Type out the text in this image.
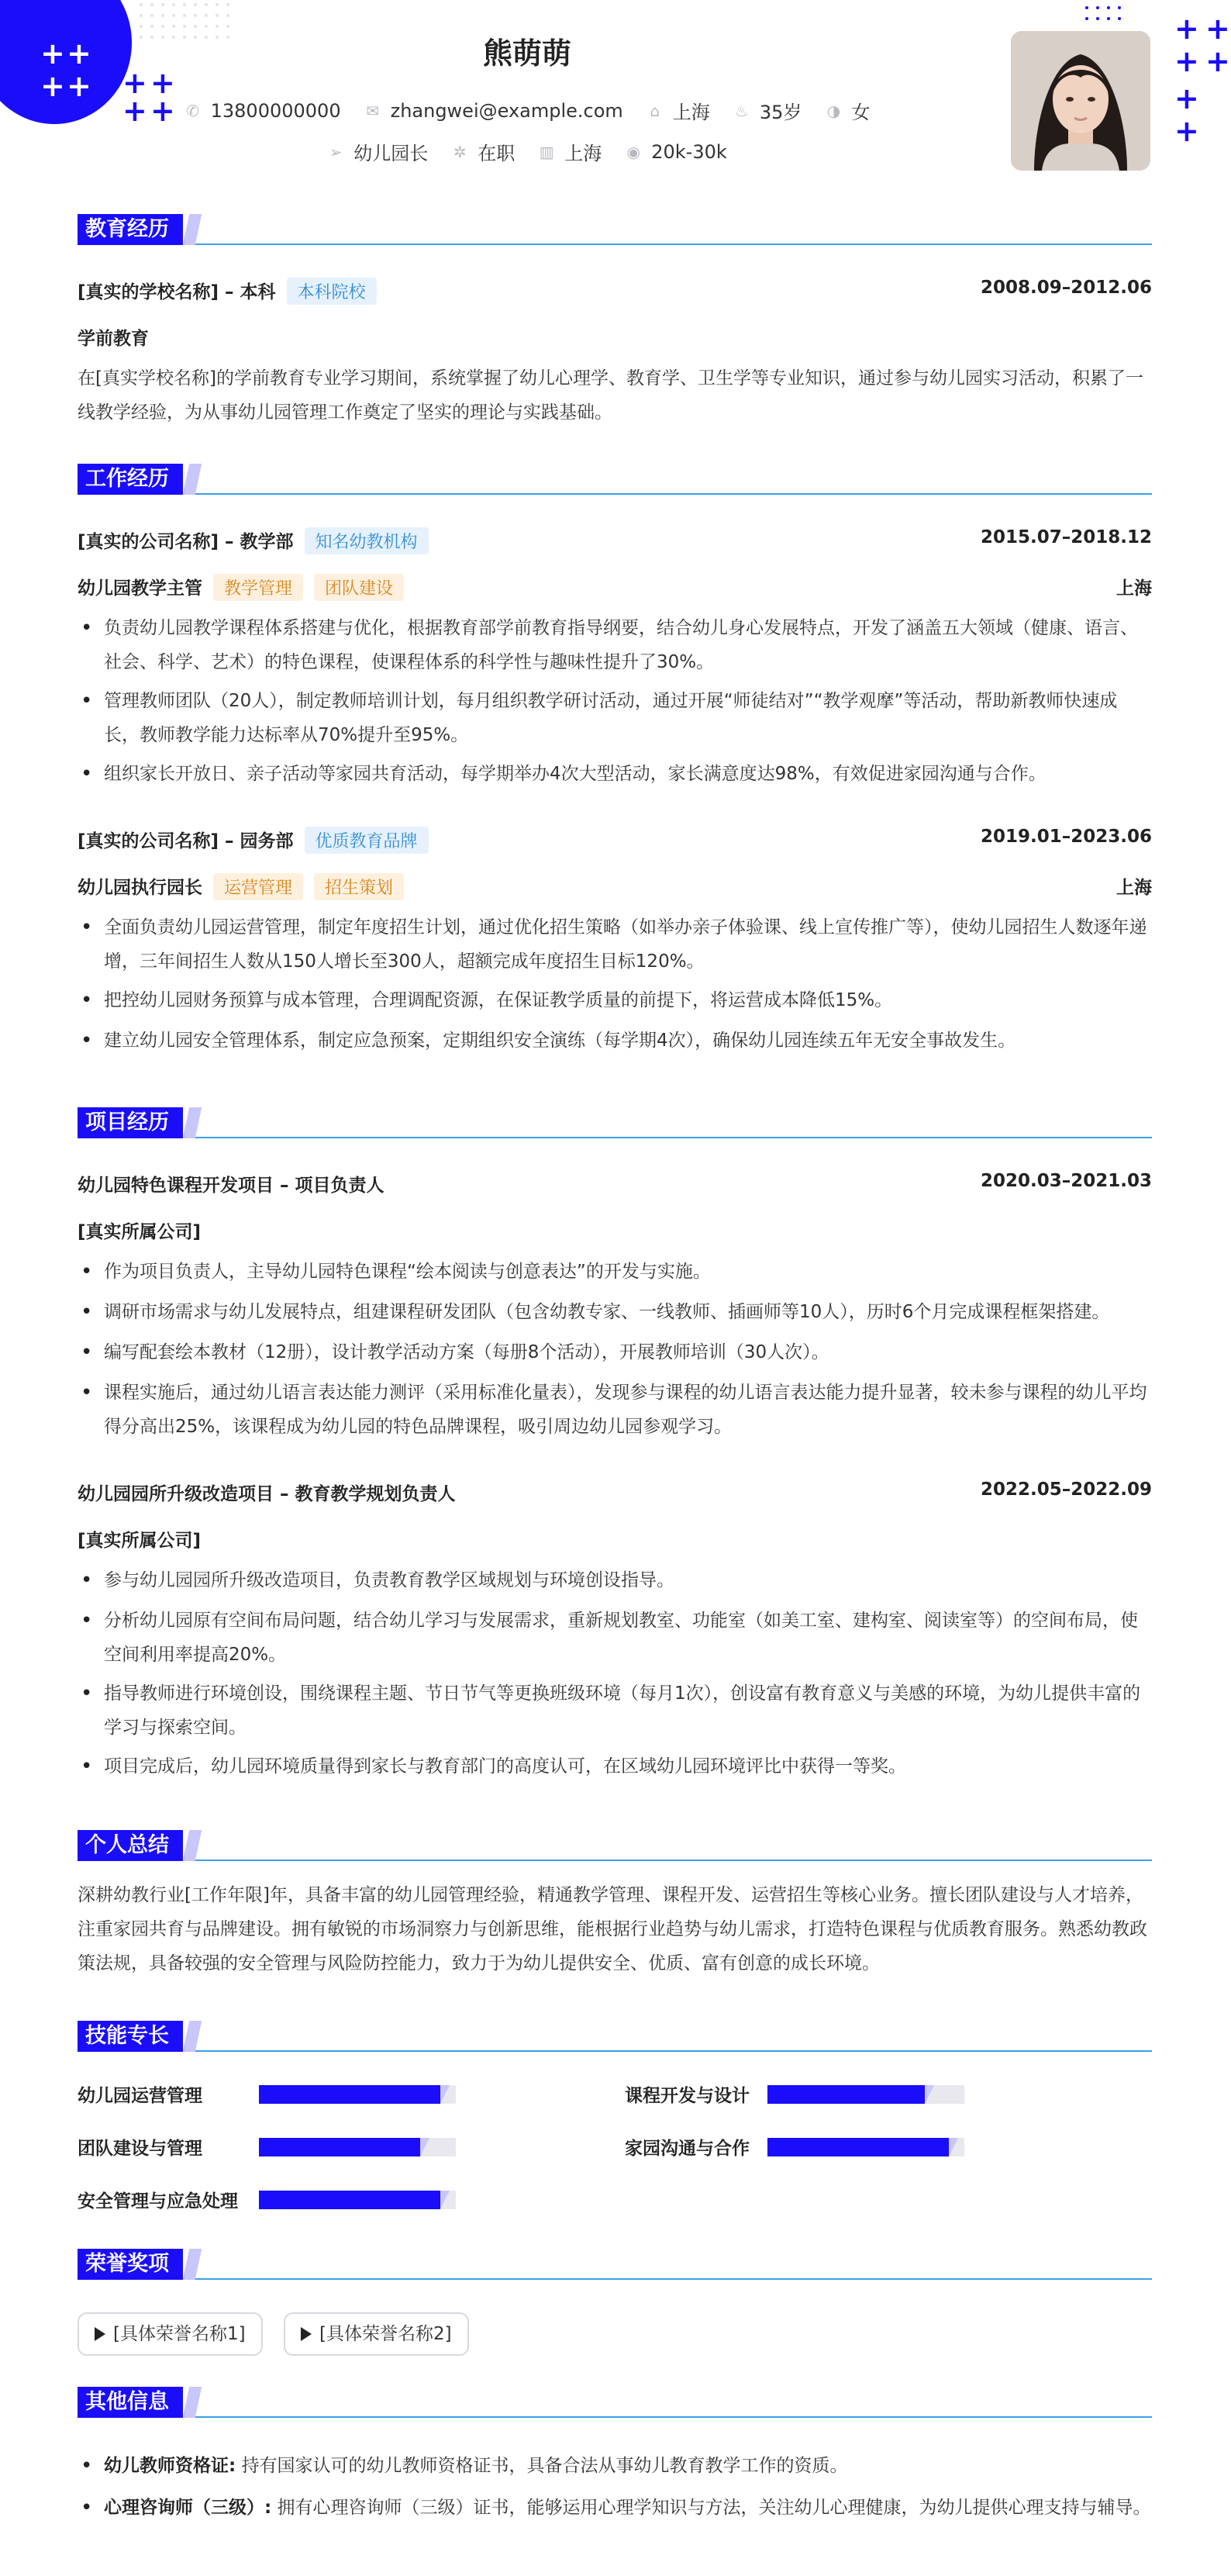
+ +
+ + + +
+ +
+ +
+ +
+
+
熊萌萌
✆ 13800000000 ✉ zhangwei@example.com ⌂ 上海 ♨ 35岁 ◑ 女
➢ 幼儿园长 ✲ 在职 ▥ 上海 ◉ 20k-30k
教育经历
[真实的学校名称] – 本科 本科院校	2008.09–2012.06
学前教育
在[真实学校名称]的学前教育专业学习期间，系统掌握了幼儿心理学、教育学、卫生学等专业知识，通过参与幼儿园实习活动，积累了一线教学经验，为从事幼儿园管理工作奠定了坚实的理论与实践基础。
工作经历
[真实的公司名称] – 教学部 知名幼教机构	2015.07–2018.12
幼儿园教学主管 教学管理 团队建设	上海
• 负责幼儿园教学课程体系搭建与优化，根据教育部学前教育指导纲要，结合幼儿身心发展特点，开发了涵盖五大领域（健康、语言、社会、科学、艺术）的特色课程，使课程体系的科学性与趣味性提升了30%。
• 管理教师团队（20人），制定教师培训计划，每月组织教学研讨活动，通过开展“师徒结对”“教学观摩”等活动，帮助新教师快速成长，教师教学能力达标率从70%提升至95%。
• 组织家长开放日、亲子活动等家园共育活动，每学期举办4次大型活动，家长满意度达98%，有效促进家园沟通与合作。
[真实的公司名称] – 园务部 优质教育品牌	2019.01–2023.06
幼儿园执行园长 运营管理 招生策划	上海
• 全面负责幼儿园运营管理，制定年度招生计划，通过优化招生策略（如举办亲子体验课、线上宣传推广等），使幼儿园招生人数逐年递增，三年间招生人数从150人增长至300人，超额完成年度招生目标120%。
• 把控幼儿园财务预算与成本管理，合理调配资源，在保证教学质量的前提下，将运营成本降低15%。
• 建立幼儿园安全管理体系，制定应急预案，定期组织安全演练（每学期4次），确保幼儿园连续五年无安全事故发生。
项目经历
幼儿园特色课程开发项目 – 项目负责人	2020.03–2021.03
[真实所属公司]
• 作为项目负责人，主导幼儿园特色课程“绘本阅读与创意表达”的开发与实施。
• 调研市场需求与幼儿发展特点，组建课程研发团队（包含幼教专家、一线教师、插画师等10人），历时6个月完成课程框架搭建。
• 编写配套绘本教材（12册），设计教学活动方案（每册8个活动），开展教师培训（30人次）。
• 课程实施后，通过幼儿语言表达能力测评（采用标准化量表），发现参与课程的幼儿语言表达能力提升显著，较未参与课程的幼儿平均得分高出25%，该课程成为幼儿园的特色品牌课程，吸引周边幼儿园参观学习。
幼儿园园所升级改造项目 – 教育教学规划负责人	2022.05–2022.09
[真实所属公司]
• 参与幼儿园园所升级改造项目，负责教育教学区域规划与环境创设指导。
• 分析幼儿园原有空间布局问题，结合幼儿学习与发展需求，重新规划教室、功能室（如美工室、建构室、阅读室等）的空间布局，使空间利用率提高20%。
• 指导教师进行环境创设，围绕课程主题、节日节气等更换班级环境（每月1次），创设富有教育意义与美感的环境，为幼儿提供丰富的学习与探索空间。
• 项目完成后，幼儿园环境质量得到家长与教育部门的高度认可，在区域幼儿园环境评比中获得一等奖。
个人总结
深耕幼教行业[工作年限]年，具备丰富的幼儿园管理经验，精通教学管理、课程开发、运营招生等核心业务。擅长团队建设与人才培养，注重家园共育与品牌建设。拥有敏锐的市场洞察力与创新思维，能根据行业趋势与幼儿需求，打造特色课程与优质教育服务。熟悉幼教政策法规，具备较强的安全管理与风险防控能力，致力于为幼儿提供安全、优质、富有创意的成长环境。
技能专长
幼儿园运营管理	课程开发与设计
团队建设与管理	家园沟通与合作
安全管理与应急处理
荣誉奖项
[具体荣誉名称1]	[具体荣誉名称2]
其他信息
• 幼儿教师资格证: 持有国家认可的幼儿教师资格证书，具备合法从事幼儿教育教学工作的资质。
• 心理咨询师（三级）: 拥有心理咨询师（三级）证书，能够运用心理学知识与方法，关注幼儿心理健康，为幼儿提供心理支持与辅导。
